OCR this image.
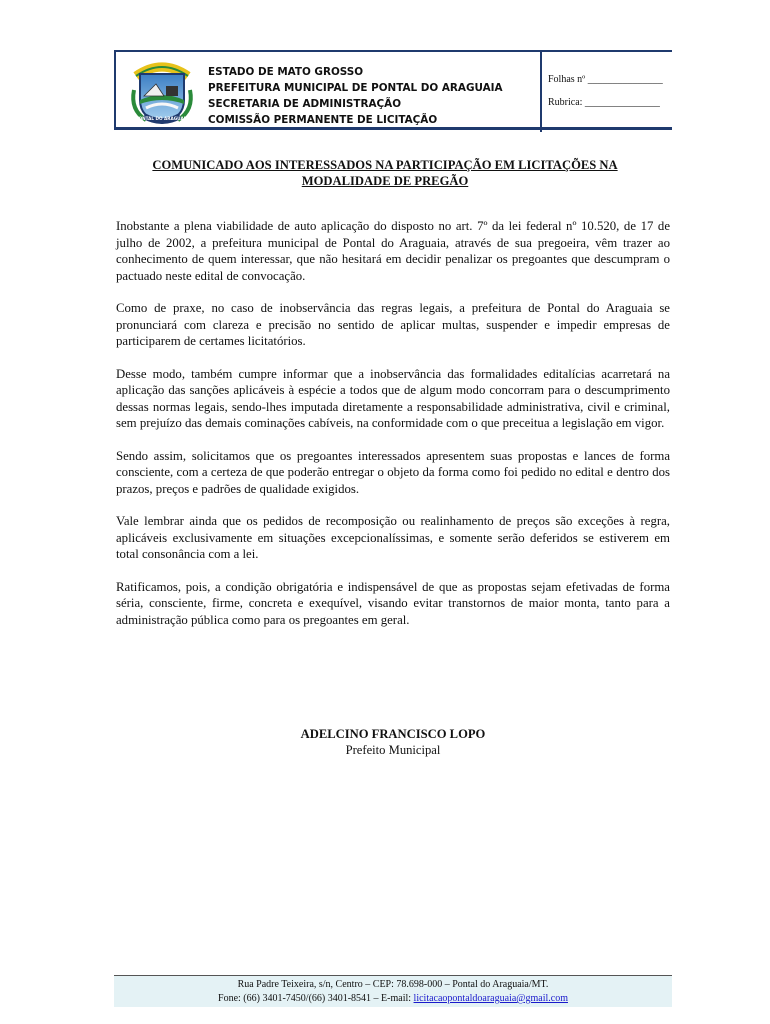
PONTAL DO ARAGUAIA
ESTADO DE MATO GROSSO
PREFEITURA MUNICIPAL DE PONTAL DO ARAGUAIA
SECRETARIA DE ADMINISTRAÇÃO
COMISSÃO PERMANENTE DE LICITAÇÃO
Folhas nº _______________
Rubrica: _______________
COMUNICADO AOS INTERESSADOS NA PARTICIPAÇÃO EM LICITAÇÕES NA
MODALIDADE DE PREGÃO

Inobstante a plena viabilidade de auto aplicação do disposto no art. 7º da lei federal nº 10.520, de 17 de julho de 2002, a prefeitura municipal de Pontal do Araguaia, através de sua pregoeira, vêm trazer ao conhecimento de quem interessar, que não hesitará em decidir penalizar os pregoantes que descumpram o pactuado neste edital de convocação.

Como de praxe, no caso de inobservância das regras legais, a prefeitura de Pontal do Araguaia se pronunciará com clareza e precisão no sentido de aplicar multas, suspender e impedir empresas de participarem de certames licitatórios.

Desse modo, também cumpre informar que a inobservância das formalidades editalícias acarretará na aplicação das sanções aplicáveis à espécie a todos que de algum modo concorram para o descumprimento dessas normas legais, sendo-lhes imputada diretamente a responsabilidade administrativa, civil e criminal, sem prejuízo das demais cominações cabíveis, na conformidade com o que preceitua a legislação em vigor.

Sendo assim, solicitamos que os pregoantes interessados apresentem suas propostas e lances de forma consciente, com a certeza de que poderão entregar o objeto da forma como foi pedido no edital e dentro dos prazos, preços e padrões de qualidade exigidos.

Vale lembrar ainda que os pedidos de recomposição ou realinhamento de preços são exceções à regra, aplicáveis exclusivamente em situações excepcionalíssimas, e somente serão deferidos se estiverem em total consonância com a lei.

Ratificamos, pois, a condição obrigatória e indispensável de que as propostas sejam efetivadas de forma séria, consciente, firme, concreta e exequível, visando evitar transtornos de maior monta, tanto para a administração pública como para os pregoantes em geral.

ADELCINO FRANCISCO LOPO
Prefeito Municipal
Rua Padre Teixeira, s/n, Centro – CEP: 78.698-000 – Pontal do Araguaia/MT.
Fone: (66) 3401-7450/(66) 3401-8541 – E-mail: licitacaopontaldoaraguaia@gmail.com
